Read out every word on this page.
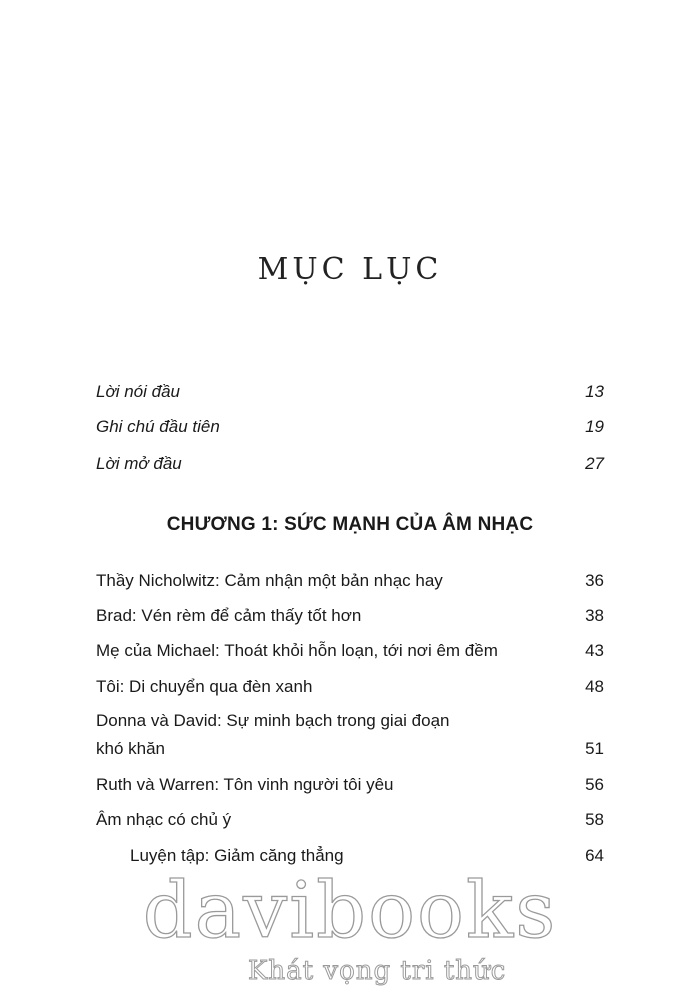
MỤC LỤC
Lời nói đầu	13
Ghi chú đầu tiên	19
Lời mở đầu	27
CHƯƠNG 1: SỨC MẠNH CỦA ÂM NHẠC
Thầy Nicholwitz: Cảm nhận một bản nhạc hay	36
Brad: Vén rèm để cảm thấy tốt hơn	38
Mẹ của Michael: Thoát khỏi hỗn loạn, tới nơi êm đềm	43
Tôi: Di chuyển qua đèn xanh	48
Donna và David: Sự minh bạch trong giai đoạn
khó khăn	51
Ruth và Warren: Tôn vinh người tôi yêu	56
Âm nhạc có chủ ý	58
Luyện tập: Giảm căng thẳng	64
davibooks
Khát vọng tri thức
